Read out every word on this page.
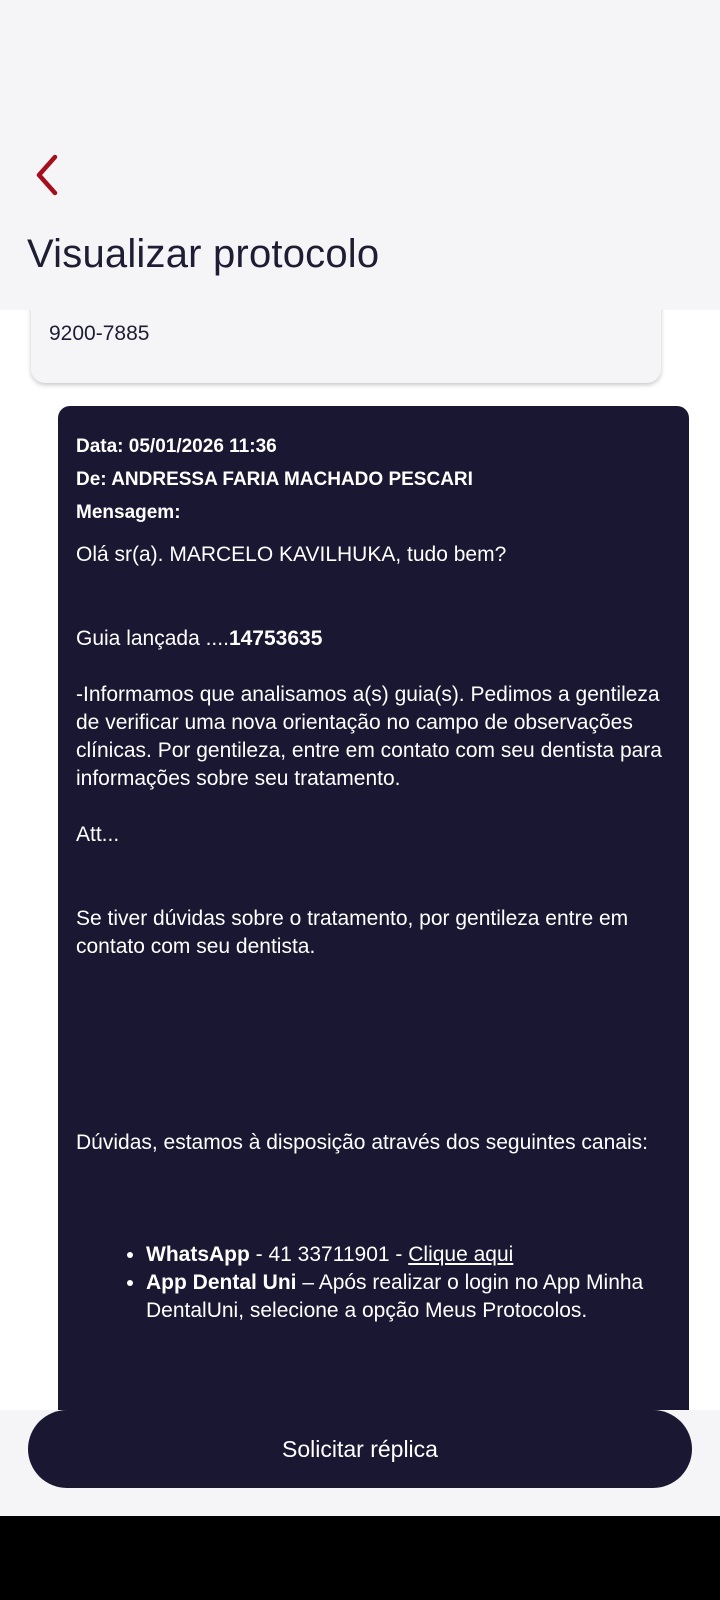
Visualizar protocolo
9200-7885
Data: 05/01/2026 11:36
De: ANDRESSA FARIA MACHADO PESCARI
Mensagem:

Olá sr(a). MARCELO KAVILHUKA, tudo bem?

Guia lançada ....14753635

-Informamos que analisamos a(s) guia(s). Pedimos a gentileza de verificar uma nova orientação no campo de observações clínicas. Por gentileza, entre em contato com seu dentista para informações sobre seu tratamento.

Att...

Se tiver dúvidas sobre o tratamento, por gentileza entre em contato com seu dentista.

Dúvidas, estamos à disposição através dos seguintes canais:

• WhatsApp - 41 33711901 - Clique aqui
• App Dental Uni – Após realizar o login no App Minha DentalUni, selecione a opção Meus Protocolos.
Solicitar réplica
